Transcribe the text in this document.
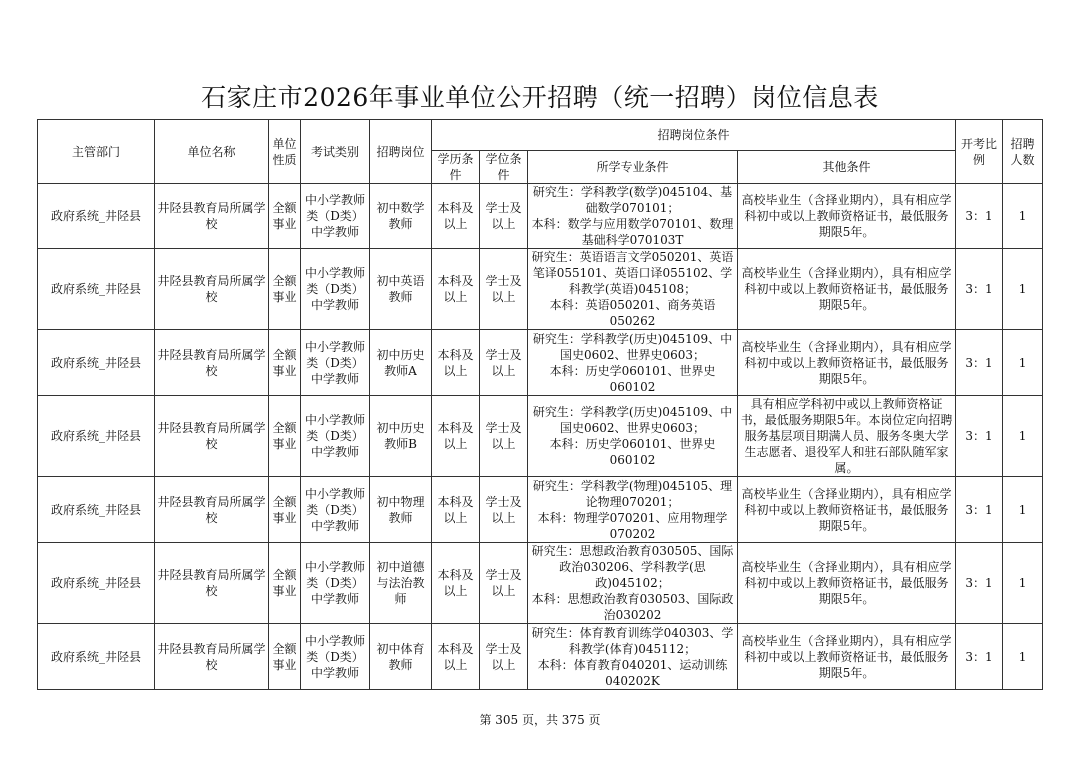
石家庄市2026年事业单位公开招聘（统一招聘）岗位信息表
主管部门	单位名称	单位性质	考试类别	招聘岗位	招聘岗位条件				开考比例	招聘人数
					学历条件	学位条件	所学专业条件	其他条件		
政府系统_井陉县	井陉县教育局所属学校	全额事业	中小学教师类（D类）中学教师	初中数学教师	本科及以上	学士及以上	研究生：学科教学(数学)045104、基础数学070101；
本科：数学与应用数学070101、数理基础科学070103T	高校毕业生（含择业期内），具有相应学科初中或以上教师资格证书，最低服务期限5年。	3：1	1
政府系统_井陉县	井陉县教育局所属学校	全额事业	中小学教师类（D类）中学教师	初中英语教师	本科及以上	学士及以上	研究生：英语语言文学050201、英语笔译055101、英语口译055102、学科教学(英语)045108；
本科：英语050201、商务英语050262	高校毕业生（含择业期内），具有相应学科初中或以上教师资格证书，最低服务期限5年。	3：1	1
政府系统_井陉县	井陉县教育局所属学校	全额事业	中小学教师类（D类）中学教师	初中历史教师A	本科及以上	学士及以上	研究生：学科教学(历史)045109、中国史0602、世界史0603；
本科：历史学060101、世界史060102	高校毕业生（含择业期内），具有相应学科初中或以上教师资格证书，最低服务期限5年。	3：1	1
政府系统_井陉县	井陉县教育局所属学校	全额事业	中小学教师类（D类）中学教师	初中历史教师B	本科及以上	学士及以上	研究生：学科教学(历史)045109、中国史0602、世界史0603；
本科：历史学060101、世界史060102	具有相应学科初中或以上教师资格证书，最低服务期限5年。本岗位定向招聘服务基层项目期满人员、服务冬奥大学生志愿者、退役军人和驻石部队随军家属。	3：1	1
政府系统_井陉县	井陉县教育局所属学校	全额事业	中小学教师类（D类）中学教师	初中物理教师	本科及以上	学士及以上	研究生：学科教学(物理)045105、理论物理070201；
本科：物理学070201、应用物理学070202	高校毕业生（含择业期内），具有相应学科初中或以上教师资格证书，最低服务期限5年。	3：1	1
政府系统_井陉县	井陉县教育局所属学校	全额事业	中小学教师类（D类）中学教师	初中道德与法治教师	本科及以上	学士及以上	研究生：思想政治教育030505、国际政治030206、学科教学(思政)045102；
本科：思想政治教育030503、国际政治030202	高校毕业生（含择业期内），具有相应学科初中或以上教师资格证书，最低服务期限5年。	3：1	1
政府系统_井陉县	井陉县教育局所属学校	全额事业	中小学教师类（D类）中学教师	初中体育教师	本科及以上	学士及以上	研究生：体育教育训练学040303、学科教学(体育)045112；
本科：体育教育040201、运动训练040202K	高校毕业生（含择业期内），具有相应学科初中或以上教师资格证书，最低服务期限5年。	3：1	1
第 305 页，共 375 页
